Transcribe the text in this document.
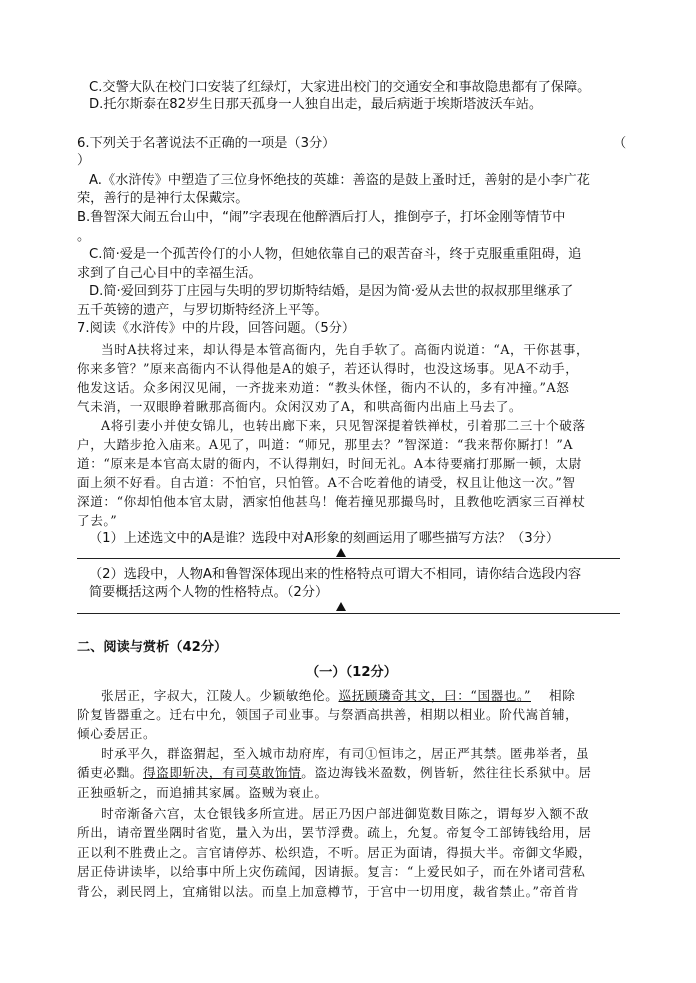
C.交警大队在校门口安装了红绿灯，大家进出校门的交通安全和事故隐患都有了保障。
D.托尔斯泰在82岁生日那天孤身一人独自出走，最后病逝于埃斯塔波沃车站。
6.下列关于名著说法不正确的一项是（3分）	（
）
A.《水浒传》中塑造了三位身怀绝技的英雄：善盗的是鼓上蚤时迁，善射的是小李广花
荣，善行的是神行太保戴宗。
B.鲁智深大闹五台山中，“闹”字表现在他醉酒后打人，推倒亭子，打坏金刚等情节中
。
C.简·爱是一个孤苦伶仃的小人物，但她依靠自己的艰苦奋斗，终于克服重重阻碍，追
求到了自己心目中的幸福生活。
D.简·爱回到芬丁庄园与失明的罗切斯特结婚，是因为简·爱从去世的叔叔那里继承了
五千英镑的遗产，与罗切斯特经济上平等。
7.阅读《水浒传》中的片段，回答问题。（5分）
当时A扶将过来，却认得是本管高衙内，先自手软了。高衙内说道：“A，干你甚事，
你来多管？”原来高衙内不认得他是A的娘子，若还认得时，也没这场事。见A不动手，
他发这话。众多闲汉见闹，一齐拢来劝道：“教头休怪，衙内不认的，多有冲撞。”A怒
气未消，一双眼睁着瞅那高衙内。众闲汉劝了A，和哄高衙内出庙上马去了。
A将引妻小并使女锦儿，也转出廊下来，只见智深提着铁禅杖，引着那二三十个破落
户，大踏步抢入庙来。A见了，叫道：“师兄，那里去？”智深道：“我来帮你厮打！”A
道：“原来是本官高太尉的衙内，不认得荆妇，时间无礼。A本待要痛打那厮一顿，太尉
面上须不好看。自古道：不怕官，只怕管。A不合吃着他的请受，权且让他这一次。”智
深道：“你却怕他本官太尉，洒家怕他甚鸟！俺若撞见那撮鸟时，且教他吃洒家三百禅杖
了去。”
（1）上述选文中的A是谁？选段中对A形象的刻画运用了哪些描写方法？（3分）
（2）选段中，人物A和鲁智深体现出来的性格特点可谓大不相同，请你结合选段内容
简要概括这两个人物的性格特点。（2分）
二、阅读与赏析（42分）
（一）（12分）
张居正，字叔大，江陵人。少颖敏绝伦。巡抚顾璘奇其文，曰：“国器也。” 相除
阶复皆器重之。迁右中允，领国子司业事。与祭酒高拱善，相期以相业。阶代嵩首辅，
倾心委居正。
时承平久，群盗猬起，至入城市劫府库，有司①恒讳之，居正严其禁。匿弗举者，虽
循吏必黜。得盗即斩决，有司莫敢饰情。盗边海钱米盈数，例皆斩，然往往长系狱中。居
正独亟斩之，而追捕其家属。盗贼为衰止。
时帝渐备六宫，太仓银钱多所宣进。居正乃因户部进御览数目陈之，谓每岁入额不敌
所出，请帝置坐隅时省览，量入为出，罢节浮费。疏上，允复。帝复令工部铸钱给用，居
正以利不胜费止之。言官请停苏、松织造，不听。居正为面请，得损大半。帝御文华殿，
居正侍讲读毕，以给事中所上灾伤疏闻，因请振。复言：“上爱民如子，而在外诸司营私
背公，剥民罔上，宜痛钳以法。而皇上加意樽节，于宫中一切用度，裁省禁止。”帝首肯
